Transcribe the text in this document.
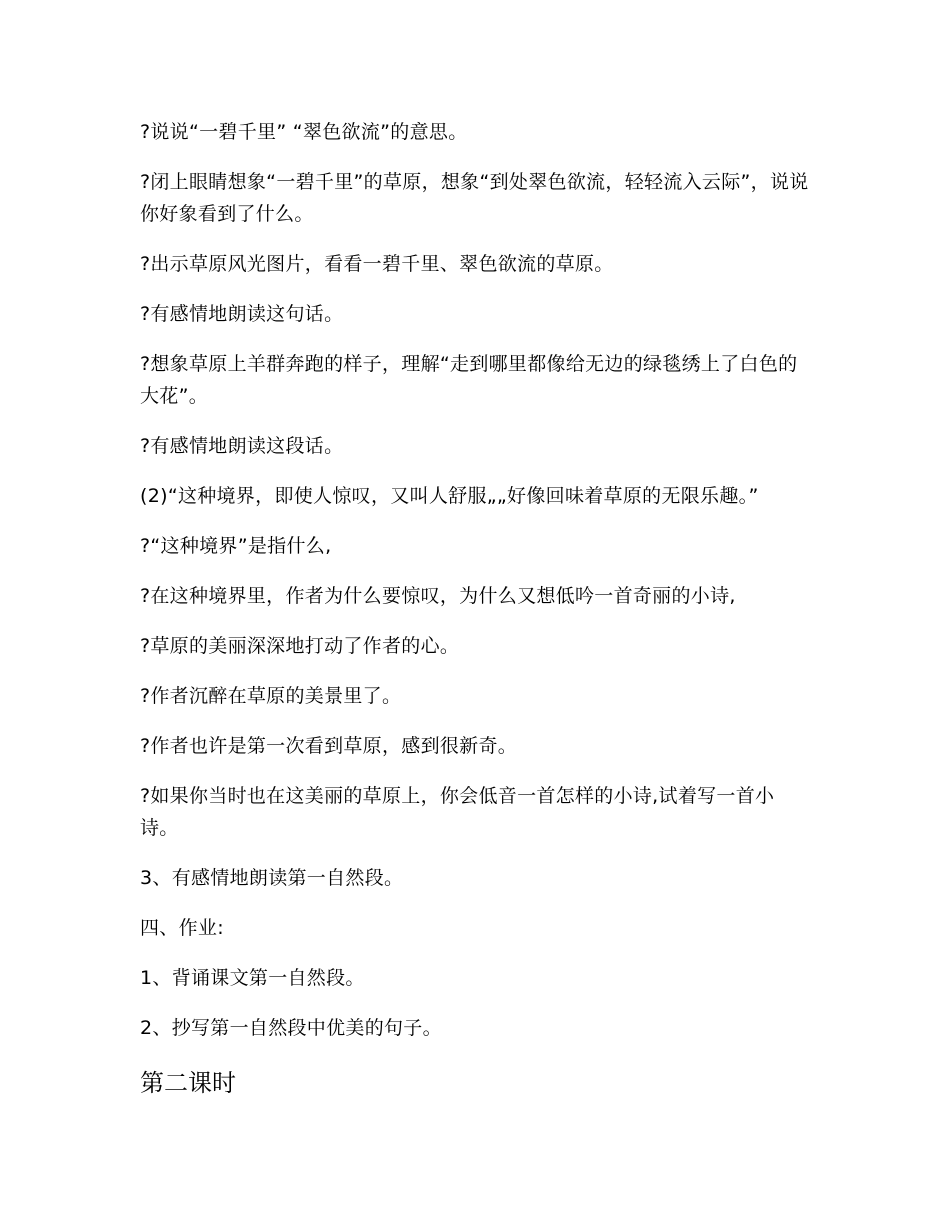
?说说“一碧千里” “翠色欲流”的意思。

?闭上眼睛想象“一碧千里”的草原，想象“到处翠色欲流，轻轻流入云际”，说说你好象看到了什么。

?出示草原风光图片，看看一碧千里、翠色欲流的草原。

?有感情地朗读这句话。

?想象草原上羊群奔跑的样子，理解“走到哪里都像给无边的绿毯绣上了白色的大花”。

?有感情地朗读这段话。

(2)“这种境界，即使人惊叹，又叫人舒服„„好像回味着草原的无限乐趣。”

?“这种境界”是指什么,

?在这种境界里，作者为什么要惊叹，为什么又想低吟一首奇丽的小诗,

?草原的美丽深深地打动了作者的心。

?作者沉醉在草原的美景里了。

?作者也许是第一次看到草原，感到很新奇。

?如果你当时也在这美丽的草原上，你会低音一首怎样的小诗,试着写一首小诗。

3、有感情地朗读第一自然段。

四、作业:

1、背诵课文第一自然段。

2、抄写第一自然段中优美的句子。

第二课时
